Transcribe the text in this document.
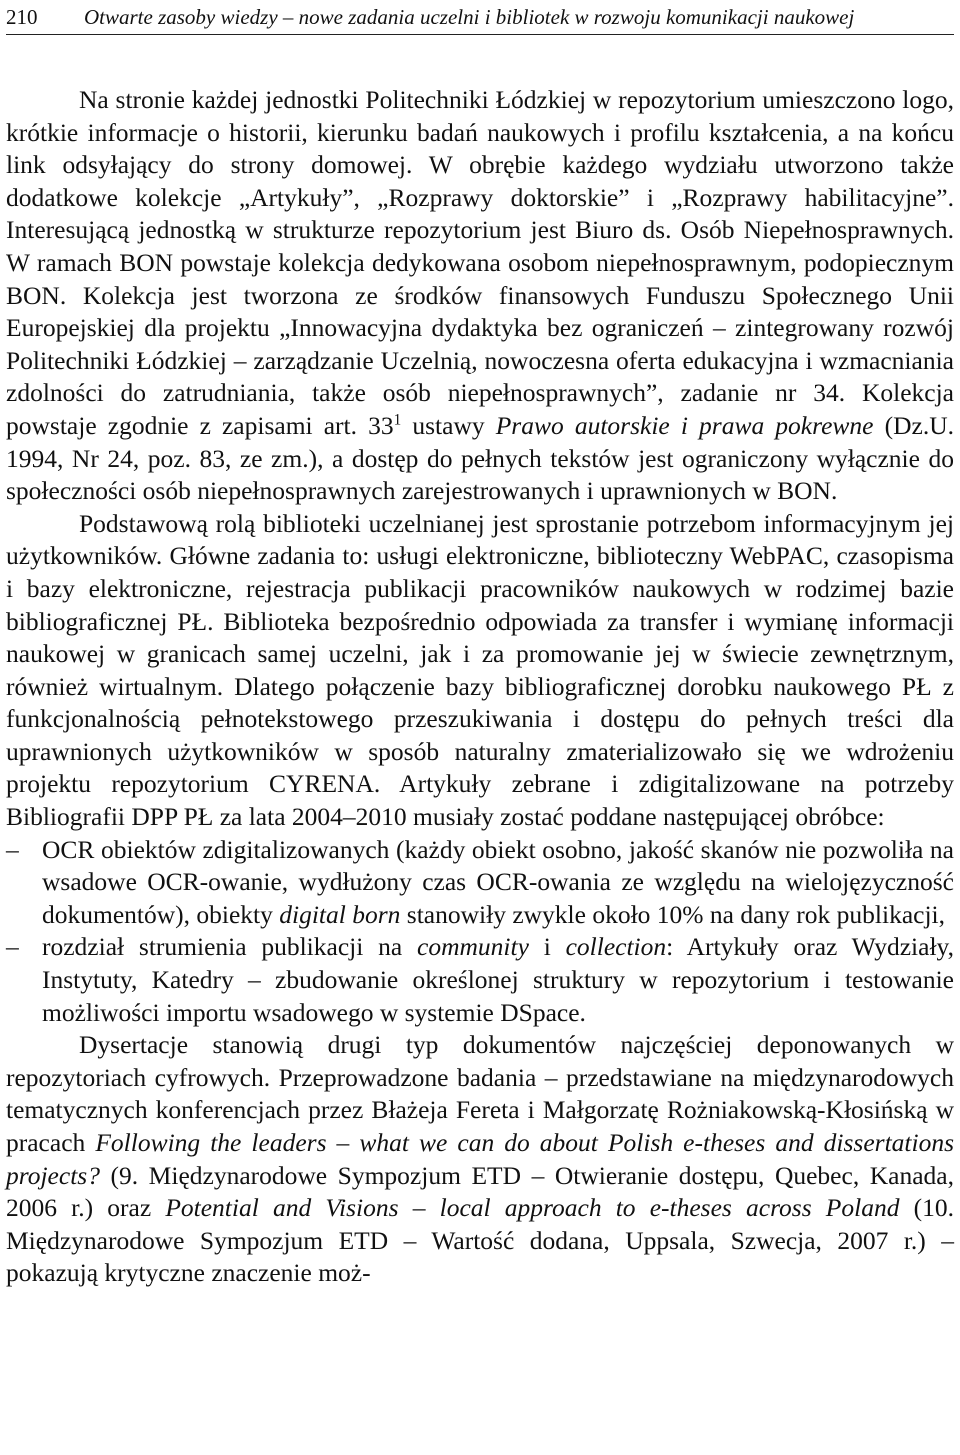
210 Otwarte zasoby wiedzy – nowe zadania uczelni i bibliotek w rozwoju komunikacji naukowej

Na stronie każdej jednostki Politechniki Łódzkiej w repozytorium umieszczono logo, krótkie informacje o historii, kierunku badań naukowych i profilu kształcenia, a na końcu link odsyłający do strony domowej. W obrębie każdego wydziału utworzono także dodatkowe kolekcje „Artykuły”, „Rozprawy doktorskie” i „Rozprawy habilitacyjne”. Interesującą jednostką w strukturze repozytorium jest Biuro ds. Osób Niepełnosprawnych. W ramach BON powstaje kolekcja dedykowana osobom niepełnosprawnym, podopiecznym BON. Kolekcja jest tworzona ze środków finansowych Funduszu Społecznego Unii Europejskiej dla projektu „Innowacyjna dydaktyka bez ograniczeń – zintegrowany rozwój Politechniki Łódzkiej – zarządzanie Uczelnią, nowoczesna oferta edukacyjna i wzmacniania zdolności do zatrudniania, także osób niepełnosprawnych”, zadanie nr 34. Kolekcja powstaje zgodnie z zapisami art. $33^1$ ustawy Prawo autorskie i prawa pokrewne (Dz.U. 1994, Nr 24, poz. 83, ze zm.), a dostęp do pełnych tekstów jest ograniczony wyłącznie do społeczności osób niepełnosprawnych zarejestrowanych i uprawnionych w BON.

Podstawową rolą biblioteki uczelnianej jest sprostanie potrzebom informacyjnym jej użytkowników. Główne zadania to: usługi elektroniczne, biblioteczny WebPAC, czasopisma i bazy elektroniczne, rejestracja publikacji pracowników naukowych w rodzimej bazie bibliograficznej PŁ. Biblioteka bezpośrednio odpowiada za transfer i wymianę informacji naukowej w granicach samej uczelni, jak i za promowanie jej w świecie zewnętrznym, również wirtualnym. Dlatego połączenie bazy bibliograficznej dorobku naukowego PŁ z funkcjonalnością pełnotekstowego przeszukiwania i dostępu do pełnych treści dla uprawnionych użytkowników w sposób naturalny zmaterializowało się we wdrożeniu projektu repozytorium CYRENA. Artykuły zebrane i zdigitalizowane na potrzeby Bibliografii DPP PŁ za lata 2004–2010 musiały zostać poddane następującej obróbce:

– OCR obiektów zdigitalizowanych (każdy obiekt osobno, jakość skanów nie pozwoliła na wsadowe OCR-owanie, wydłużony czas OCR-owania ze względu na wielojęzyczność dokumentów), obiekty digital born stanowiły zwykle około 10% na dany rok publikacji,
– rozdział strumienia publikacji na community i collection: Artykuły oraz Wydziały, Instytuty, Katedry – zbudowanie określonej struktury w repozytorium i testowanie możliwości importu wsadowego w systemie DSpace.

Dysertacje stanowią drugi typ dokumentów najczęściej deponowanych w repozytoriach cyfrowych. Przeprowadzone badania – przedstawiane na międzynarodowych tematycznych konferencjach przez Błażeja Fereta i Małgorzatę Rożniakowską-Kłosińską w pracach Following the leaders – what we can do about Polish e-theses and dissertations projects? (9. Międzynarodowe Sympozjum ETD – Otwieranie dostępu, Quebec, Kanada, 2006 r.) oraz Potential and Visions – local approach to e-theses across Poland (10. Międzynarodowe Sympozjum ETD – Wartość dodana, Uppsala, Szwecja, 2007 r.) – pokazują krytyczne znaczenie moż-
